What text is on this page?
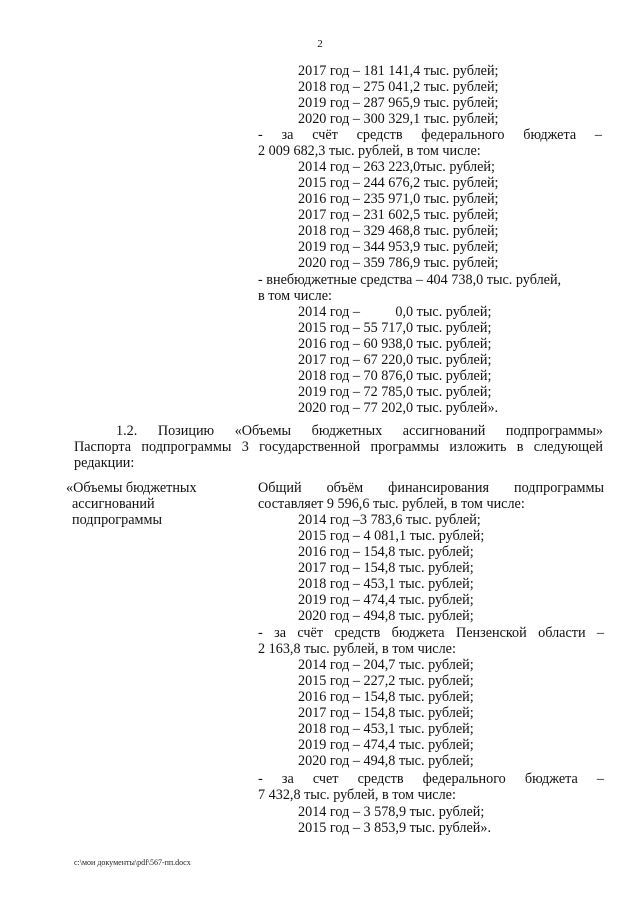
2
2017 год – 181 141,4 тыс. рублей;
2018 год – 275 041,2 тыс. рублей;
2019 год – 287 965,9 тыс. рублей;
2020 год – 300 329,1 тыс. рублей;
- за счёт средств федерального бюджета –
2 009 682,3 тыс. рублей, в том числе:
2014 год – 263 223,0тыс. рублей;
2015 год – 244 676,2 тыс. рублей;
2016 год – 235 971,0 тыс. рублей;
2017 год – 231 602,5 тыс. рублей;
2018 год – 329 468,8 тыс. рублей;
2019 год – 344 953,9 тыс. рублей;
2020 год – 359 786,9 тыс. рублей;
- внебюджетные средства – 404 738,0 тыс. рублей,
в том числе:
2014 год –          0,0 тыс. рублей;
2015 год – 55 717,0 тыс. рублей;
2016 год – 60 938,0 тыс. рублей;
2017 год – 67 220,0 тыс. рублей;
2018 год – 70 876,0 тыс. рублей;
2019 год – 72 785,0 тыс. рублей;
2020 год – 77 202,0 тыс. рублей».
1.2. Позицию «Объемы бюджетных ассигнований подпрограммы»
Паспорта подпрограммы 3 государственной программы изложить в следующей
редакции:
«Объемы бюджетных
ассигнований
подпрограммы
Общий объём финансирования подпрограммы
составляет 9 596,6 тыс. рублей, в том числе:
2014 год –3 783,6 тыс. рублей;
2015 год – 4 081,1 тыс. рублей;
2016 год – 154,8 тыс. рублей;
2017 год – 154,8 тыс. рублей;
2018 год – 453,1 тыс. рублей;
2019 год – 474,4 тыс. рублей;
2020 год – 494,8 тыс. рублей;
- за счёт средств бюджета Пензенской области –
2 163,8 тыс. рублей, в том числе:
2014 год – 204,7 тыс. рублей;
2015 год – 227,2 тыс. рублей;
2016 год – 154,8 тыс. рублей;
2017 год – 154,8 тыс. рублей;
2018 год – 453,1 тыс. рублей;
2019 год – 474,4 тыс. рублей;
2020 год – 494,8 тыс. рублей;
- за счет средств федерального бюджета –
7 432,8 тыс. рублей, в том числе:
2014 год – 3 578,9 тыс. рублей;
2015 год – 3 853,9 тыс. рублей».
c:\мои документы\pdf\567-пп.docx
